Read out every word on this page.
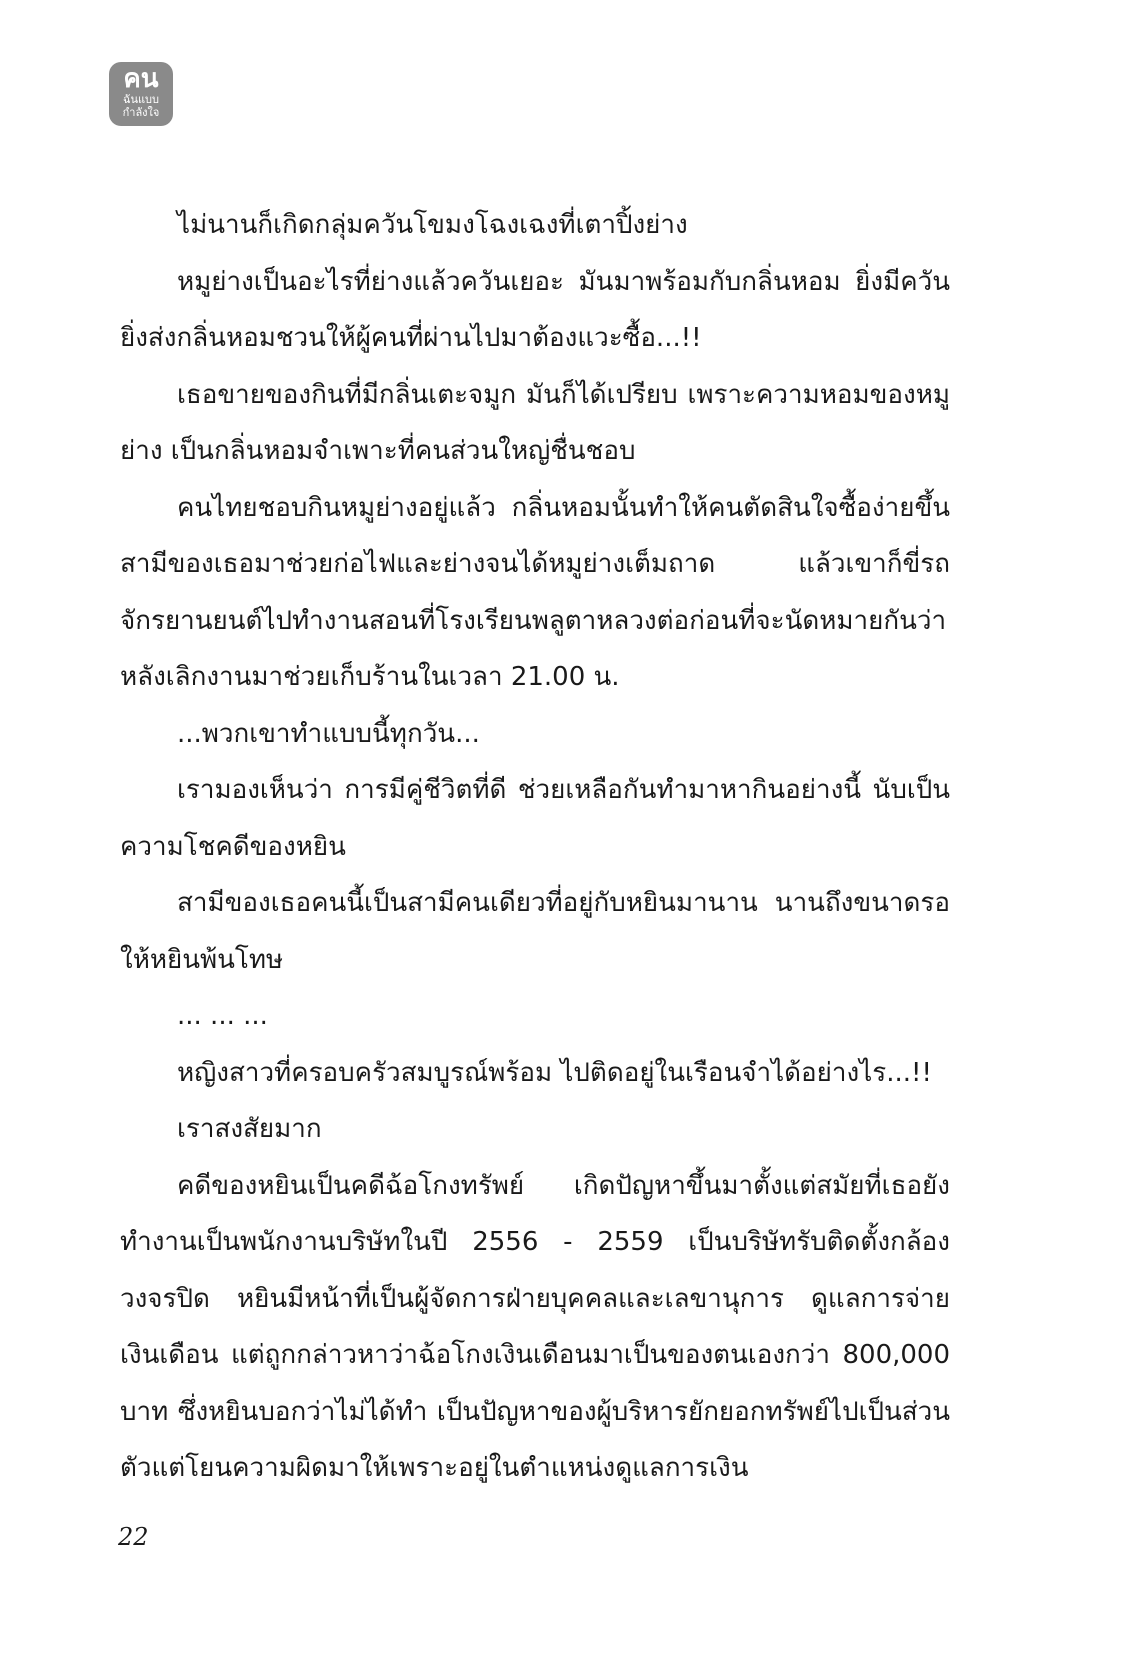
คน
ฉันแบบ
กำลังใจ

ไม่นานก็เกิดกลุ่มควันโขมงโฉงเฉงที่เตาปิ้งย่าง

หมูย่างเป็นอะไรที่ย่างแล้วควันเยอะ มันมาพร้อมกับกลิ่นหอม ยิ่งมีควันยิ่งส่งกลิ่นหอมชวนให้ผู้คนที่ผ่านไปมาต้องแวะซื้อ...!!

เธอขายของกินที่มีกลิ่นเตะจมูก มันก็ได้เปรียบ เพราะความหอมของหมูย่าง เป็นกลิ่นหอมจำเพาะที่คนส่วนใหญ่ชื่นชอบ

คนไทยชอบกินหมูย่างอยู่แล้ว กลิ่นหอมนั้นทำให้คนตัดสินใจซื้อง่ายขึ้น สามีของเธอมาช่วยก่อไฟและย่างจนได้หมูย่างเต็มถาด แล้วเขาก็ขี่รถจักรยานยนต์ไปทำงานสอนที่โรงเรียนพลูตาหลวงต่อก่อนที่จะนัดหมายกันว่าหลังเลิกงานมาช่วยเก็บร้านในเวลา 21.00 น.

...พวกเขาทำแบบนี้ทุกวัน...

เรามองเห็นว่า การมีคู่ชีวิตที่ดี ช่วยเหลือกันทำมาหากินอย่างนี้ นับเป็นความโชคดีของหยิน

สามีของเธอคนนี้เป็นสามีคนเดียวที่อยู่กับหยินมานาน นานถึงขนาดรอให้หยินพ้นโทษ

... ... ...

หญิงสาวที่ครอบครัวสมบูรณ์พร้อม ไปติดอยู่ในเรือนจำได้อย่างไร...!!

เราสงสัยมาก

คดีของหยินเป็นคดีฉ้อโกงทรัพย์ เกิดปัญหาขึ้นมาตั้งแต่สมัยที่เธอยังทำงานเป็นพนักงานบริษัทในปี 2556 - 2559 เป็นบริษัทรับติดตั้งกล้องวงจรปิด หยินมีหน้าที่เป็นผู้จัดการฝ่ายบุคคลและเลขานุการ ดูแลการจ่ายเงินเดือน แต่ถูกกล่าวหาว่าฉ้อโกงเงินเดือนมาเป็นของตนเองกว่า 800,000 บาท ซึ่งหยินบอกว่าไม่ได้ทำ เป็นปัญหาของผู้บริหารยักยอกทรัพย์ไปเป็นส่วนตัวแต่โยนความผิดมาให้เพราะอยู่ในตำแหน่งดูแลการเงิน

22
